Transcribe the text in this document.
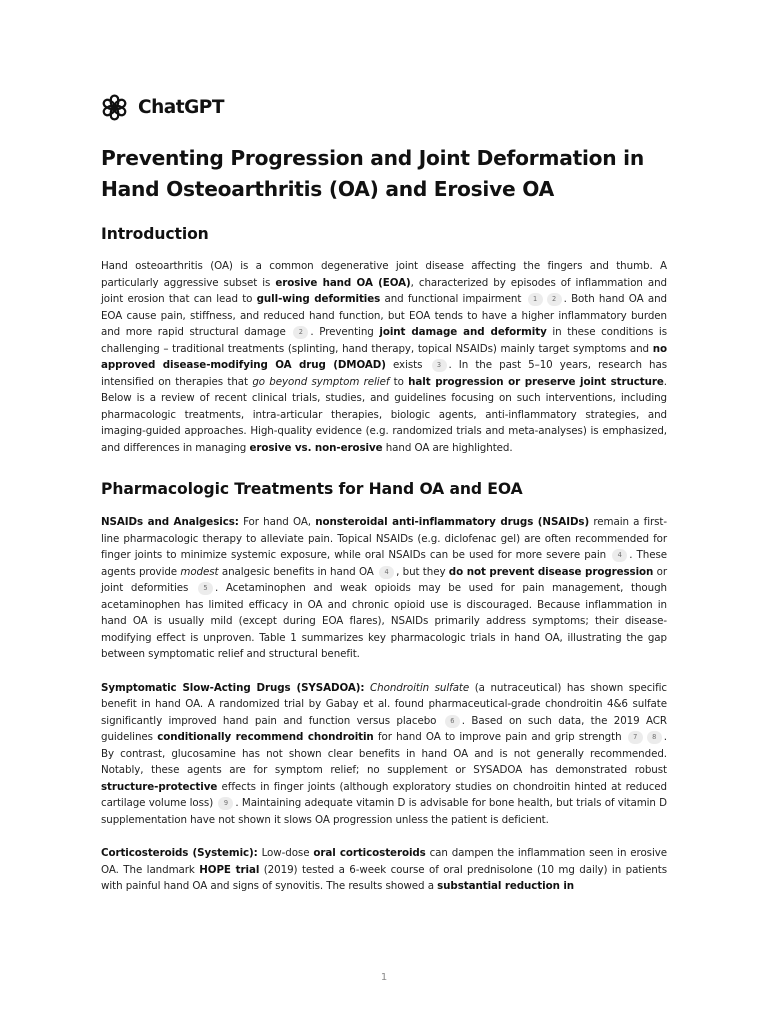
ChatGPT
Preventing Progression and Joint Deformation in Hand Osteoarthritis (OA) and Erosive OA
Introduction

Hand osteoarthritis (OA) is a common degenerative joint disease affecting the fingers and thumb. A particularly aggressive subset is erosive hand OA (EOA), characterized by episodes of inflammation and joint erosion that can lead to gull-wing deformities and functional impairment 1 2 . Both hand OA and EOA cause pain, stiffness, and reduced hand function, but EOA tends to have a higher inflammatory burden and more rapid structural damage 2 . Preventing joint damage and deformity in these conditions is challenging – traditional treatments (splinting, hand therapy, topical NSAIDs) mainly target symptoms and no approved disease-modifying OA drug (DMOAD) exists 3 . In the past 5–10 years, research has intensified on therapies that go beyond symptom relief to halt progression or preserve joint structure. Below is a review of recent clinical trials, studies, and guidelines focusing on such interventions, including pharmacologic treatments, intra-articular therapies, biologic agents, anti-inflammatory strategies, and imaging-guided approaches. High-quality evidence (e.g. randomized trials and meta-analyses) is emphasized, and differences in managing erosive vs. non-erosive hand OA are highlighted.

Pharmacologic Treatments for Hand OA and EOA

NSAIDs and Analgesics: For hand OA, nonsteroidal anti-inflammatory drugs (NSAIDs) remain a first-line pharmacologic therapy to alleviate pain. Topical NSAIDs (e.g. diclofenac gel) are often recommended for finger joints to minimize systemic exposure, while oral NSAIDs can be used for more severe pain 4 . These agents provide modest analgesic benefits in hand OA 4 , but they do not prevent disease progression or joint deformities 5 . Acetaminophen and weak opioids may be used for pain management, though acetaminophen has limited efficacy in OA and chronic opioid use is discouraged. Because inflammation in hand OA is usually mild (except during EOA flares), NSAIDs primarily address symptoms; their disease-modifying effect is unproven. Table 1 summarizes key pharmacologic trials in hand OA, illustrating the gap between symptomatic relief and structural benefit.

Symptomatic Slow-Acting Drugs (SYSADOA): Chondroitin sulfate (a nutraceutical) has shown specific benefit in hand OA. A randomized trial by Gabay et al. found pharmaceutical-grade chondroitin 4&6 sulfate significantly improved hand pain and function versus placebo 6 . Based on such data, the 2019 ACR guidelines conditionally recommend chondroitin for hand OA to improve pain and grip strength 7 8 . By contrast, glucosamine has not shown clear benefits in hand OA and is not generally recommended. Notably, these agents are for symptom relief; no supplement or SYSADOA has demonstrated robust structure-protective effects in finger joints (although exploratory studies on chondroitin hinted at reduced cartilage volume loss) 9 . Maintaining adequate vitamin D is advisable for bone health, but trials of vitamin D supplementation have not shown it slows OA progression unless the patient is deficient.

Corticosteroids (Systemic): Low-dose oral corticosteroids can dampen the inflammation seen in erosive OA. The landmark HOPE trial (2019) tested a 6-week course of oral prednisolone (10 mg daily) in patients with painful hand OA and signs of synovitis. The results showed a substantial reduction in

1
